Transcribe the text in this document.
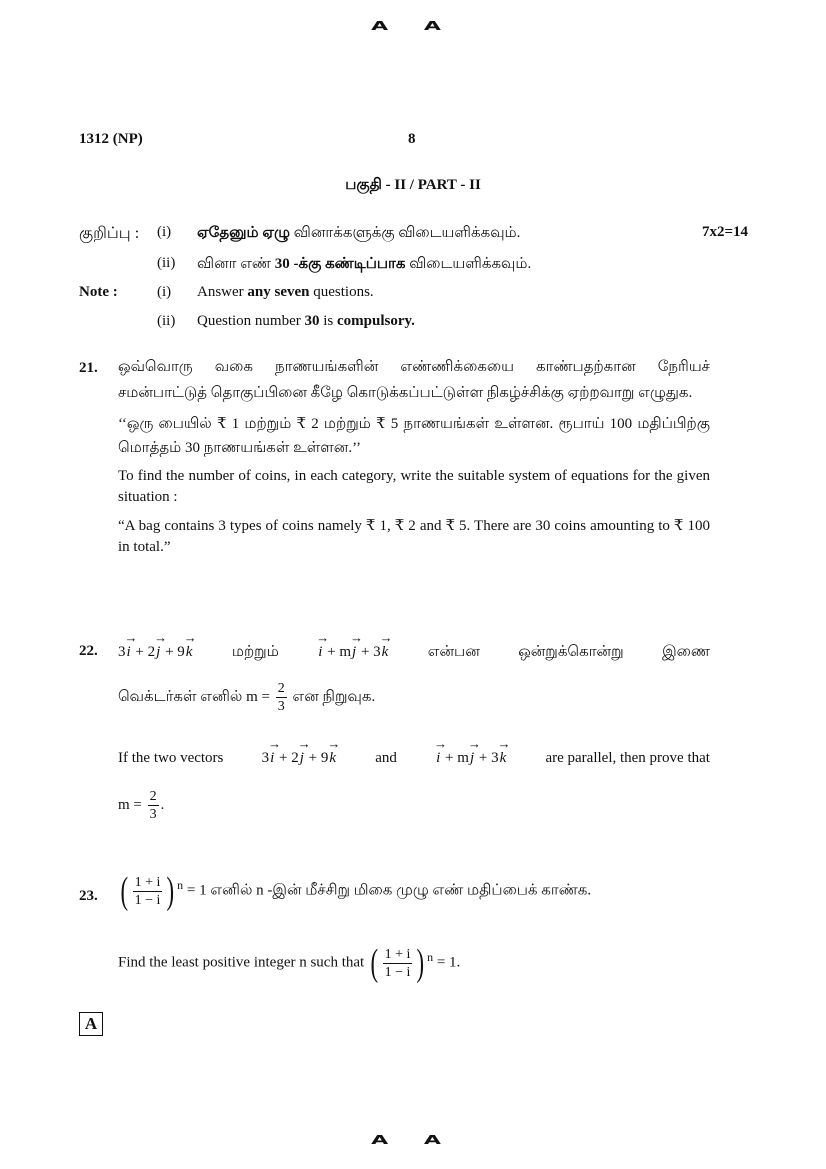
A A
1312 (NP)	8
பகுதி - II / PART - II
குறிப்பு : (i) ஏதேனும் ஏழு வினாக்களுக்கு விடையளிக்கவும்.	7x2=14
(ii) வினா எண் 30 -க்கு கண்டிப்பாக விடையளிக்கவும்.
Note :	(i) Answer any seven questions.
(ii) Question number 30 is compulsory.
21. ஒவ்வொரு வகை நாணயங்களின் எண்ணிக்கையை காண்பதற்கான நேரியச் சமன்பாட்டுத் தொகுப்பினை கீழே கொடுக்கப்பட்டுள்ள நிகழ்ச்சிக்கு ஏற்றவாறு எழுதுக.

‘‘ஒரு பையில் ₹ 1 மற்றும் ₹ 2 மற்றும் ₹ 5 நாணயங்கள் உள்ளன. ரூபாய் 100 மதிப்பிற்கு மொத்தம் 30 நாணயங்கள் உள்ளன.’’

To find the number of coins, in each category, write the suitable system of equations for the given situation :

“A bag contains 3 types of coins namely ₹ 1, ₹ 2 and ₹ 5. There are 30 coins amounting to ₹ 100 in total.”

22. 3→ i + 2→ j + 9→ k	மற்றும்	→ i + m→ j + 3→ k	என்பன	ஒன்றுக்கொன்று	இணை
வெக்டர்கள் எனில் $m = \frac{2}{3}$ என நிறுவுக.
If the two vectors	3→ i + 2→ j + 9→ k	and	→ i + m→ j + 3→ k	are parallel, then prove that
$m = \frac{2}{3}$ .
23. ( $\frac{1 + i}{1 - i} )^n = 1$ எனில் n -இன் மீச்சிறு மிகை முழு எண் மதிப்பைக் காண்க.
Find the least positive integer n such that ( $\frac{1 + i}{1 - i} )^n = 1$.
A
A A
